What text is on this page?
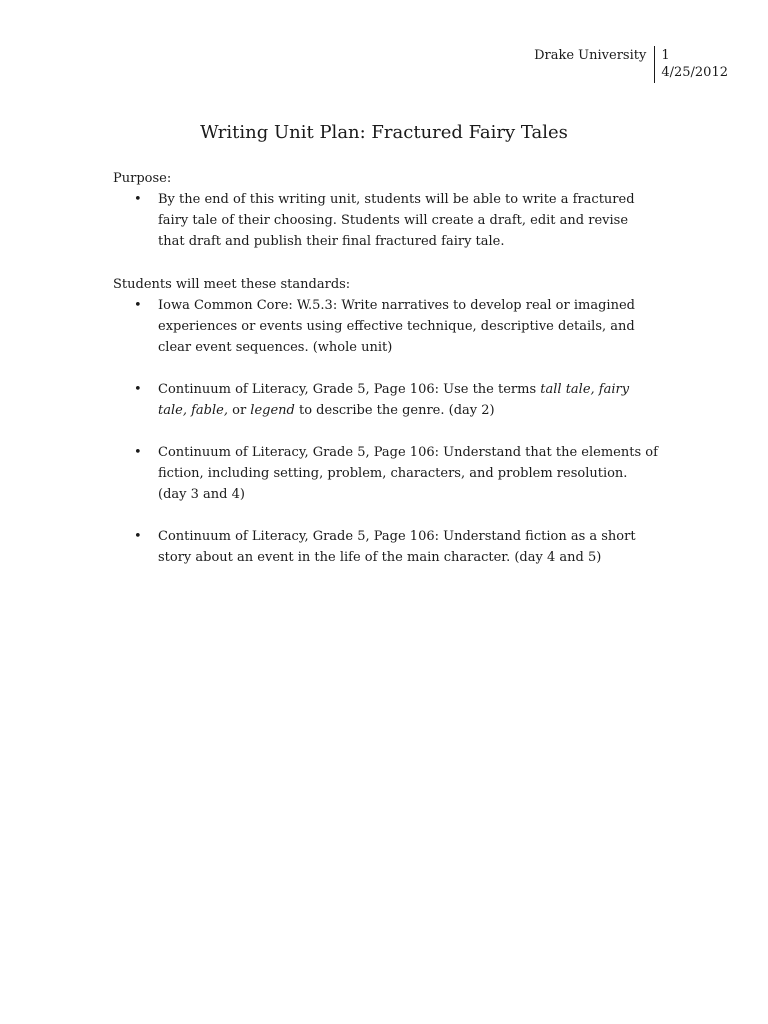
Drake University	1
4/25/2012
Writing Unit Plan: Fractured Fairy Tales

Purpose:

• By the end of this writing unit, students will be able to write a fractured fairy tale of their choosing. Students will create a draft, edit and revise that draft and publish their final fractured fairy tale.

Students will meet these standards:

• Iowa Common Core: W.5.3: Write narratives to develop real or imagined experiences or events using effective technique, descriptive details, and clear event sequences. (whole unit)
• Continuum of Literacy, Grade 5, Page 106: Use the terms tall tale, fairy tale, fable, or legend to describe the genre. (day 2)
• Continuum of Literacy, Grade 5, Page 106: Understand that the elements of fiction, including setting, problem, characters, and problem resolution. (day 3 and 4)
• Continuum of Literacy, Grade 5, Page 106: Understand fiction as a short story about an event in the life of the main character. (day 4 and 5)
